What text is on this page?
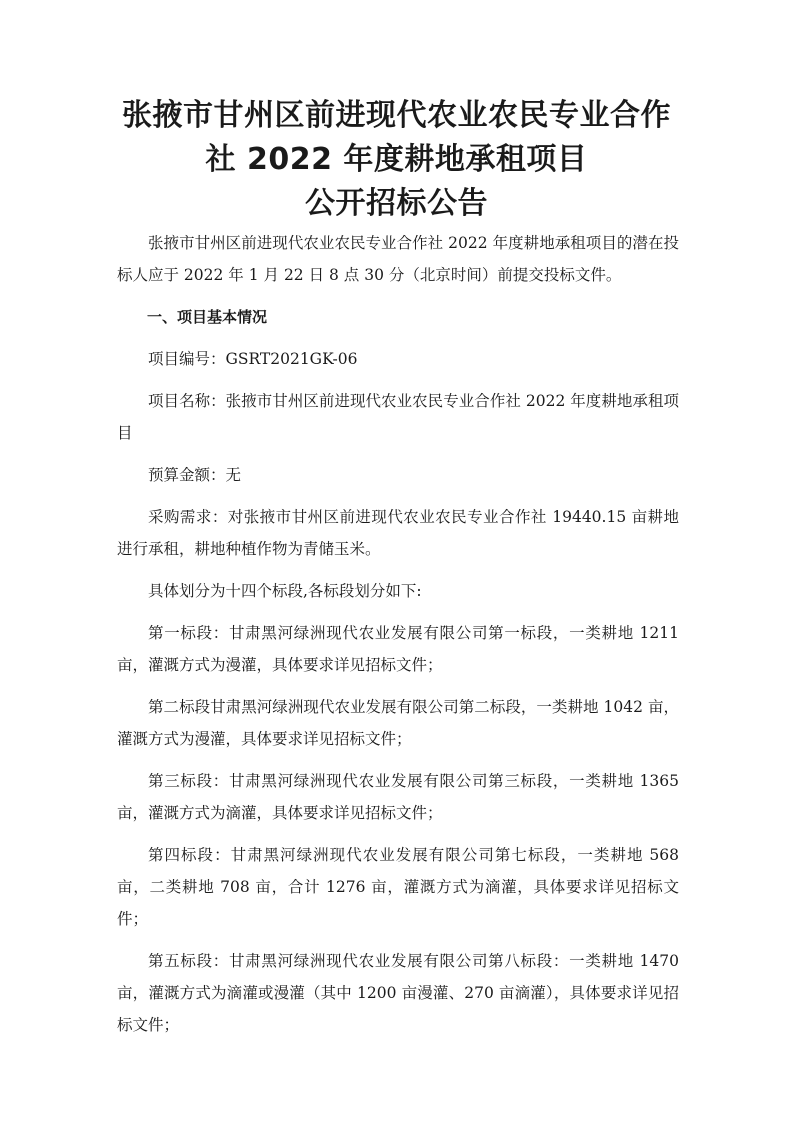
张掖市甘州区前进现代农业农民专业合作
社 2022 年度耕地承租项目
公开招标公告

张掖市甘州区前进现代农业农民专业合作社 2022 年度耕地承租项目的潜在投标人应于 2022 年 1 月 22 日 8 点 30 分（北京时间）前提交投标文件。

一、项目基本情况

项目编号：GSRT2021GK-06

项目名称：张掖市甘州区前进现代农业农民专业合作社 2022 年度耕地承租项目

预算金额：无

采购需求：对张掖市甘州区前进现代农业农民专业合作社 19440.15 亩耕地进行承租，耕地种植作物为青储玉米。

具体划分为十四个标段,各标段划分如下:

第一标段：甘肃黑河绿洲现代农业发展有限公司第一标段，一类耕地 1211 亩，灌溉方式为漫灌，具体要求详见招标文件；

第二标段甘肃黑河绿洲现代农业发展有限公司第二标段，一类耕地 1042 亩，灌溉方式为漫灌，具体要求详见招标文件；

第三标段：甘肃黑河绿洲现代农业发展有限公司第三标段，一类耕地 1365 亩，灌溉方式为滴灌，具体要求详见招标文件；

第四标段：甘肃黑河绿洲现代农业发展有限公司第七标段，一类耕地 568 亩，二类耕地 708 亩，合计 1276 亩，灌溉方式为滴灌，具体要求详见招标文件；

第五标段：甘肃黑河绿洲现代农业发展有限公司第八标段：一类耕地 1470 亩，灌溉方式为滴灌或漫灌（其中 1200 亩漫灌、270 亩滴灌），具体要求详见招标文件；
